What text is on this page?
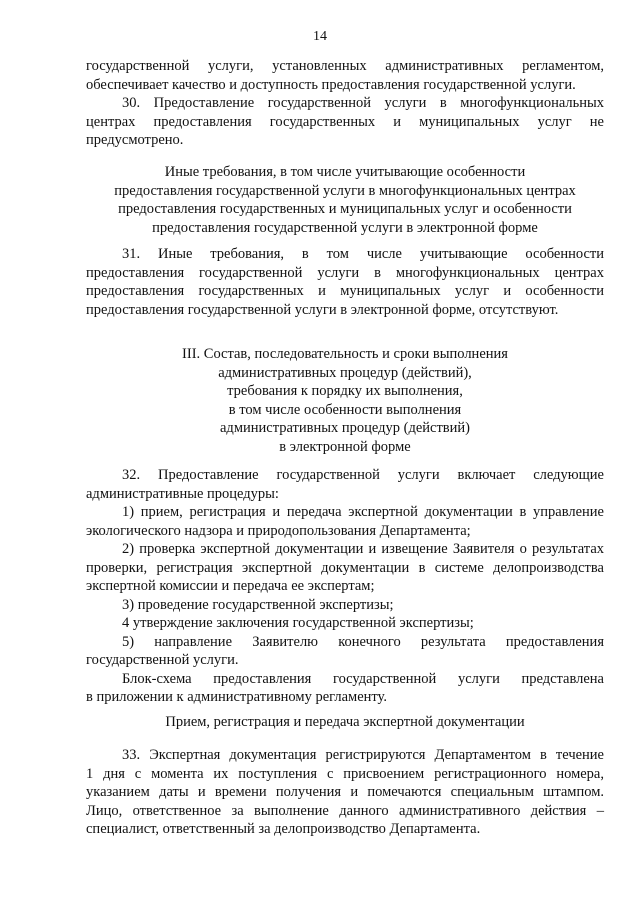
14
государственной услуги, установленных административных регламентом,
обеспечивает качество и доступность предоставления государственной услуги.
30. Предоставление государственной услуги в многофункциональных
центрах предоставления государственных и муниципальных услуг не
предусмотрено.
Иные требования, в том числе учитывающие особенности
предоставления государственной услуги в многофункциональных центрах
предоставления государственных и муниципальных услуг и особенности
предоставления государственной услуги в электронной форме
31. Иные требования, в том числе учитывающие особенности
предоставления государственной услуги в многофункциональных центрах
предоставления государственных и муниципальных услуг и особенности
предоставления государственной услуги в электронной форме, отсутствуют.
III. Состав, последовательность и сроки выполнения
административных процедур (действий),
требования к порядку их выполнения,
в том числе особенности выполнения
административных процедур (действий)
в электронной форме
32. Предоставление государственной услуги включает следующие
административные процедуры:
1) прием, регистрация и передача экспертной документации в управление
экологического надзора и природопользования Департамента;
2) проверка экспертной документации и извещение Заявителя о результатах
проверки, регистрация экспертной документации в системе делопроизводства
экспертной комиссии и передача ее экспертам;
3) проведение государственной экспертизы;
4 утверждение заключения государственной экспертизы;
5) направление Заявителю конечного результата предоставления
государственной услуги.
Блок-схема предоставления государственной услуги представлена
в приложении к административному регламенту.
Прием, регистрация и передача экспертной документации
33. Экспертная документация регистрируются Департаментом в течение
1 дня с момента их поступления с присвоением регистрационного номера,
указанием даты и времени получения и помечаются специальным штампом.
Лицо, ответственное за выполнение данного административного действия –
специалист, ответственный за делопроизводство Департамента.
